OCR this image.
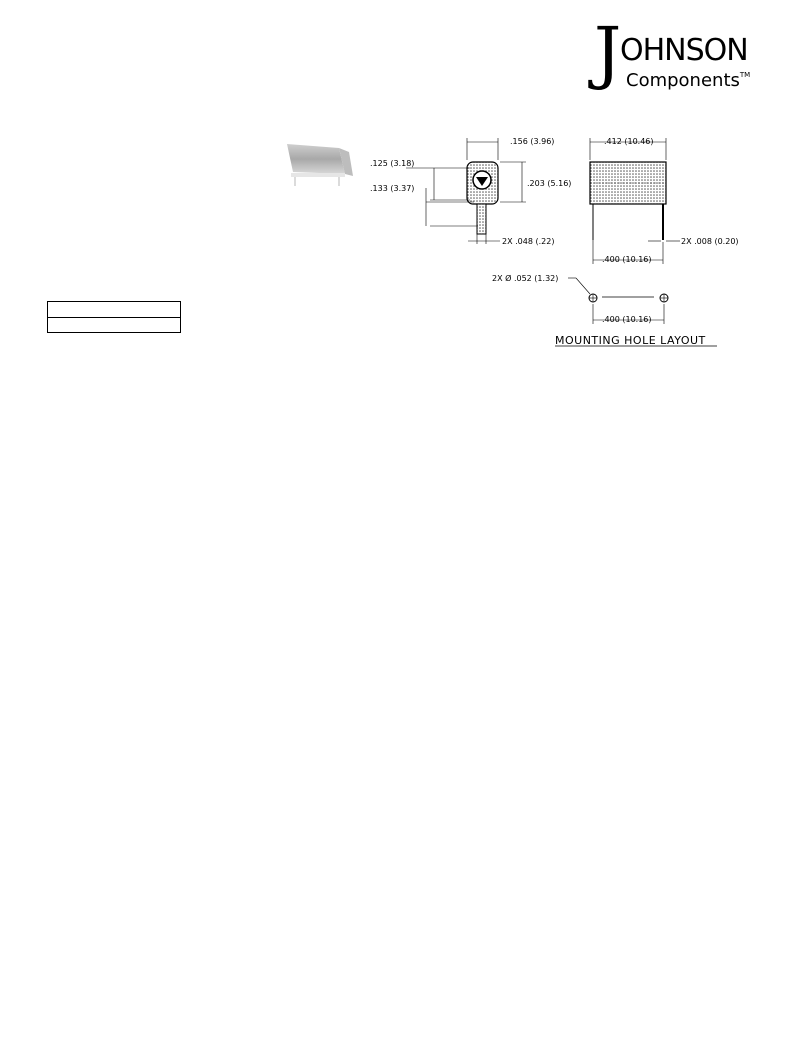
J
OHNSON
Components™
.156 (3.96)	.412 (10.46)
.125 (3.18)
.203 (5.16)
.133 (3.37)
2X .048 (.22)	2X .008 (0.20)
.400 (10.16)
2X Ø .052 (1.32)
.400 (10.16)
MOUNTING HOLE LAYOUT
